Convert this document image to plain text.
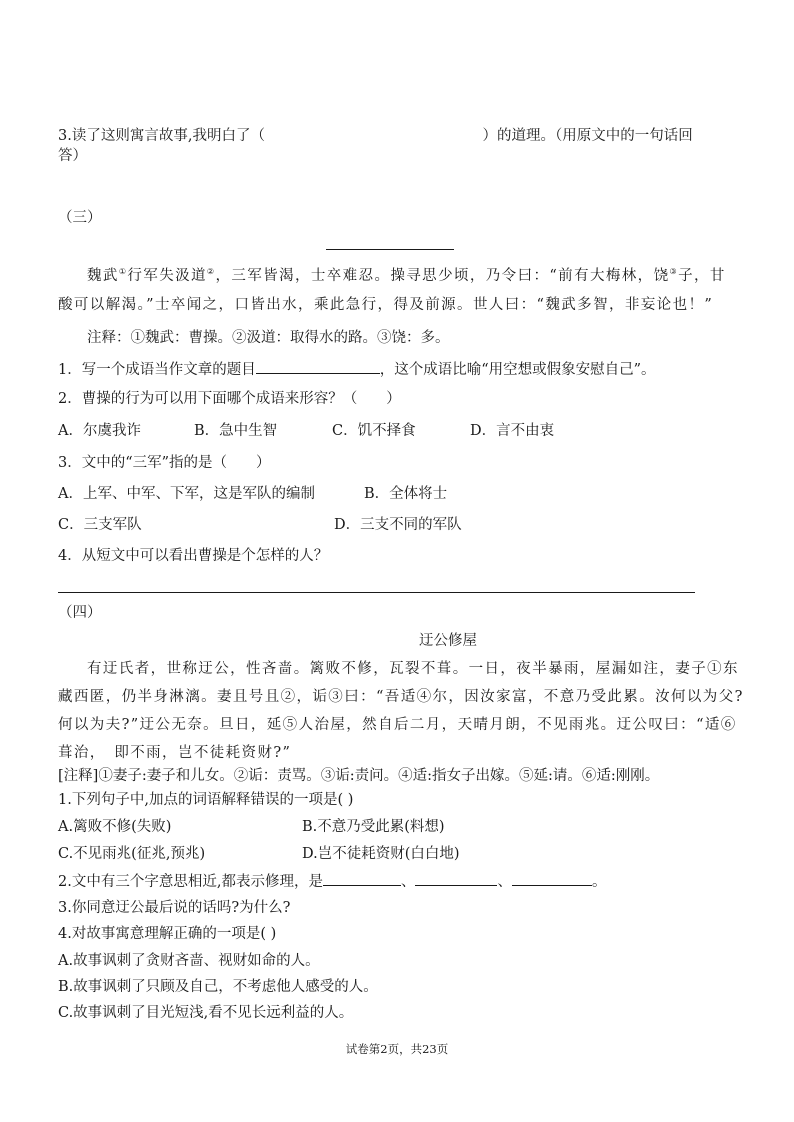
3.读了这则寓言故事,我明白了（　　　　　　　　　　　　　　　）的道理。（用原文中的一句话回
答）
（三）
魏武①行军失汲道②，三军皆渴，士卒难忍。操寻思少顷，乃令曰：“前有大梅林，饶③子，甘
酸可以解渴。”士卒闻之，口皆出水，乘此急行，得及前源。世人曰：“魏武多智，非妄论也！”
注释：①魏武：曹操。②汲道：取得水的路。③饶：多。
1．写一个成语当作文章的题目	，这个成语比喻“用空想或假象安慰自己”。
2．曹操的行为可以用下面哪个成语来形容？（　　）
A．尔虞我诈	B．急中生智	C．饥不择食	D．言不由衷
3．文中的“三军”指的是（　　）
A．上军、中军、下军，这是军队的编制	B．全体将士
C．三支军队	D．三支不同的军队
4．从短文中可以看出曹操是个怎样的人？
（四）
迂公修屋
有迂氏者，世称迂公，性吝啬。篱败不修，瓦裂不葺。一日，夜半暴雨，屋漏如注，妻子①东
藏西匿，仍半身淋漓。妻且号且②，诟③曰：“吾适④尔，因汝家富，不意乃受此累。汝何以为父?
何以为夫?”迂公无奈。旦日，延⑤人治屋，然自后二月，天晴月朗，不见雨兆。迂公叹曰：“适⑥
葺治，　即不雨，岂不徒耗资财?”
[注释]①妻子:妻子和儿女。②诟：责骂。③诟:责问。④适:指女子出嫁。⑤延:请。⑥适:刚刚。
1.下列句子中,加点的词语解释错误的一项是( )
A.篱败不修(失败)	B.不意乃受此累(料想)
C.不见雨兆(征兆,预兆)	D.岂不徒耗资财(白白地)
2.文中有三个字意思相近,都表示修理，是	、	、	。
3.你同意迂公最后说的话吗?为什么?
4.对故事寓意理解正确的一项是( )
A.故事讽刺了贪财吝啬、视财如命的人。
B.故事讽刺了只顾及自己，不考虑他人感受的人。
C.故事讽刺了目光短浅,看不见长远利益的人。
试卷第2页，共23页
